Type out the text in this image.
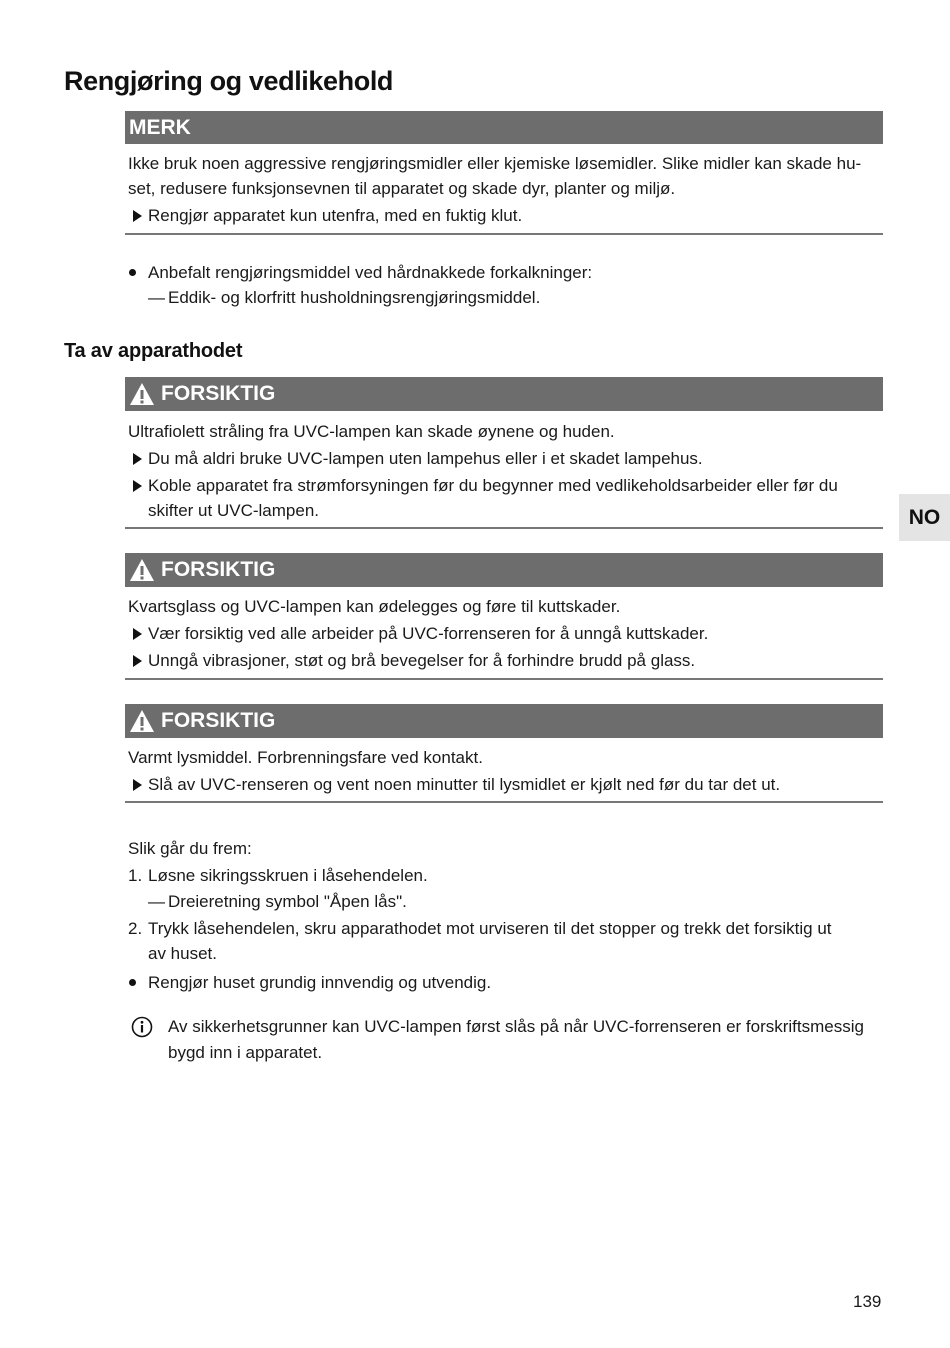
Rengjøring og vedlikehold
MERK
Ikke bruk noen aggressive rengjøringsmidler eller kjemiske løsemidler. Slike midler kan skade hu-
set, redusere funksjonsevnen til apparatet og skade dyr, planter og miljø.
Rengjør apparatet kun utenfra, med en fuktig klut.
Anbefalt rengjøringsmiddel ved hårdnakkede forkalkninger:
— Eddik- og klorfritt husholdningsrengjøringsmiddel.
Ta av apparathodet
FORSIKTIG
Ultrafiolett stråling fra UVC-lampen kan skade øynene og huden.
Du må aldri bruke UVC-lampen uten lampehus eller i et skadet lampehus.
Koble apparatet fra strømforsyningen før du begynner med vedlikeholdsarbeider eller før du
skifter ut UVC-lampen.
FORSIKTIG
Kvartsglass og UVC-lampen kan ødelegges og føre til kuttskader.
Vær forsiktig ved alle arbeider på UVC-forrenseren for å unngå kuttskader.
Unngå vibrasjoner, støt og brå bevegelser for å forhindre brudd på glass.
FORSIKTIG
Varmt lysmiddel. Forbrenningsfare ved kontakt.
Slå av UVC-renseren og vent noen minutter til lysmidlet er kjølt ned før du tar det ut.
Slik går du frem:
1. Løsne sikringsskruen i låsehendelen.
— Dreieretning symbol "Åpen lås".
2. Trykk låsehendelen, skru apparathodet mot urviseren til det stopper og trekk det forsiktig ut
av huset.
Rengjør huset grundig innvendig og utvendig.
Av sikkerhetsgrunner kan UVC-lampen først slås på når UVC-forrenseren er forskriftsmessig
bygd inn i apparatet.
NO
139
